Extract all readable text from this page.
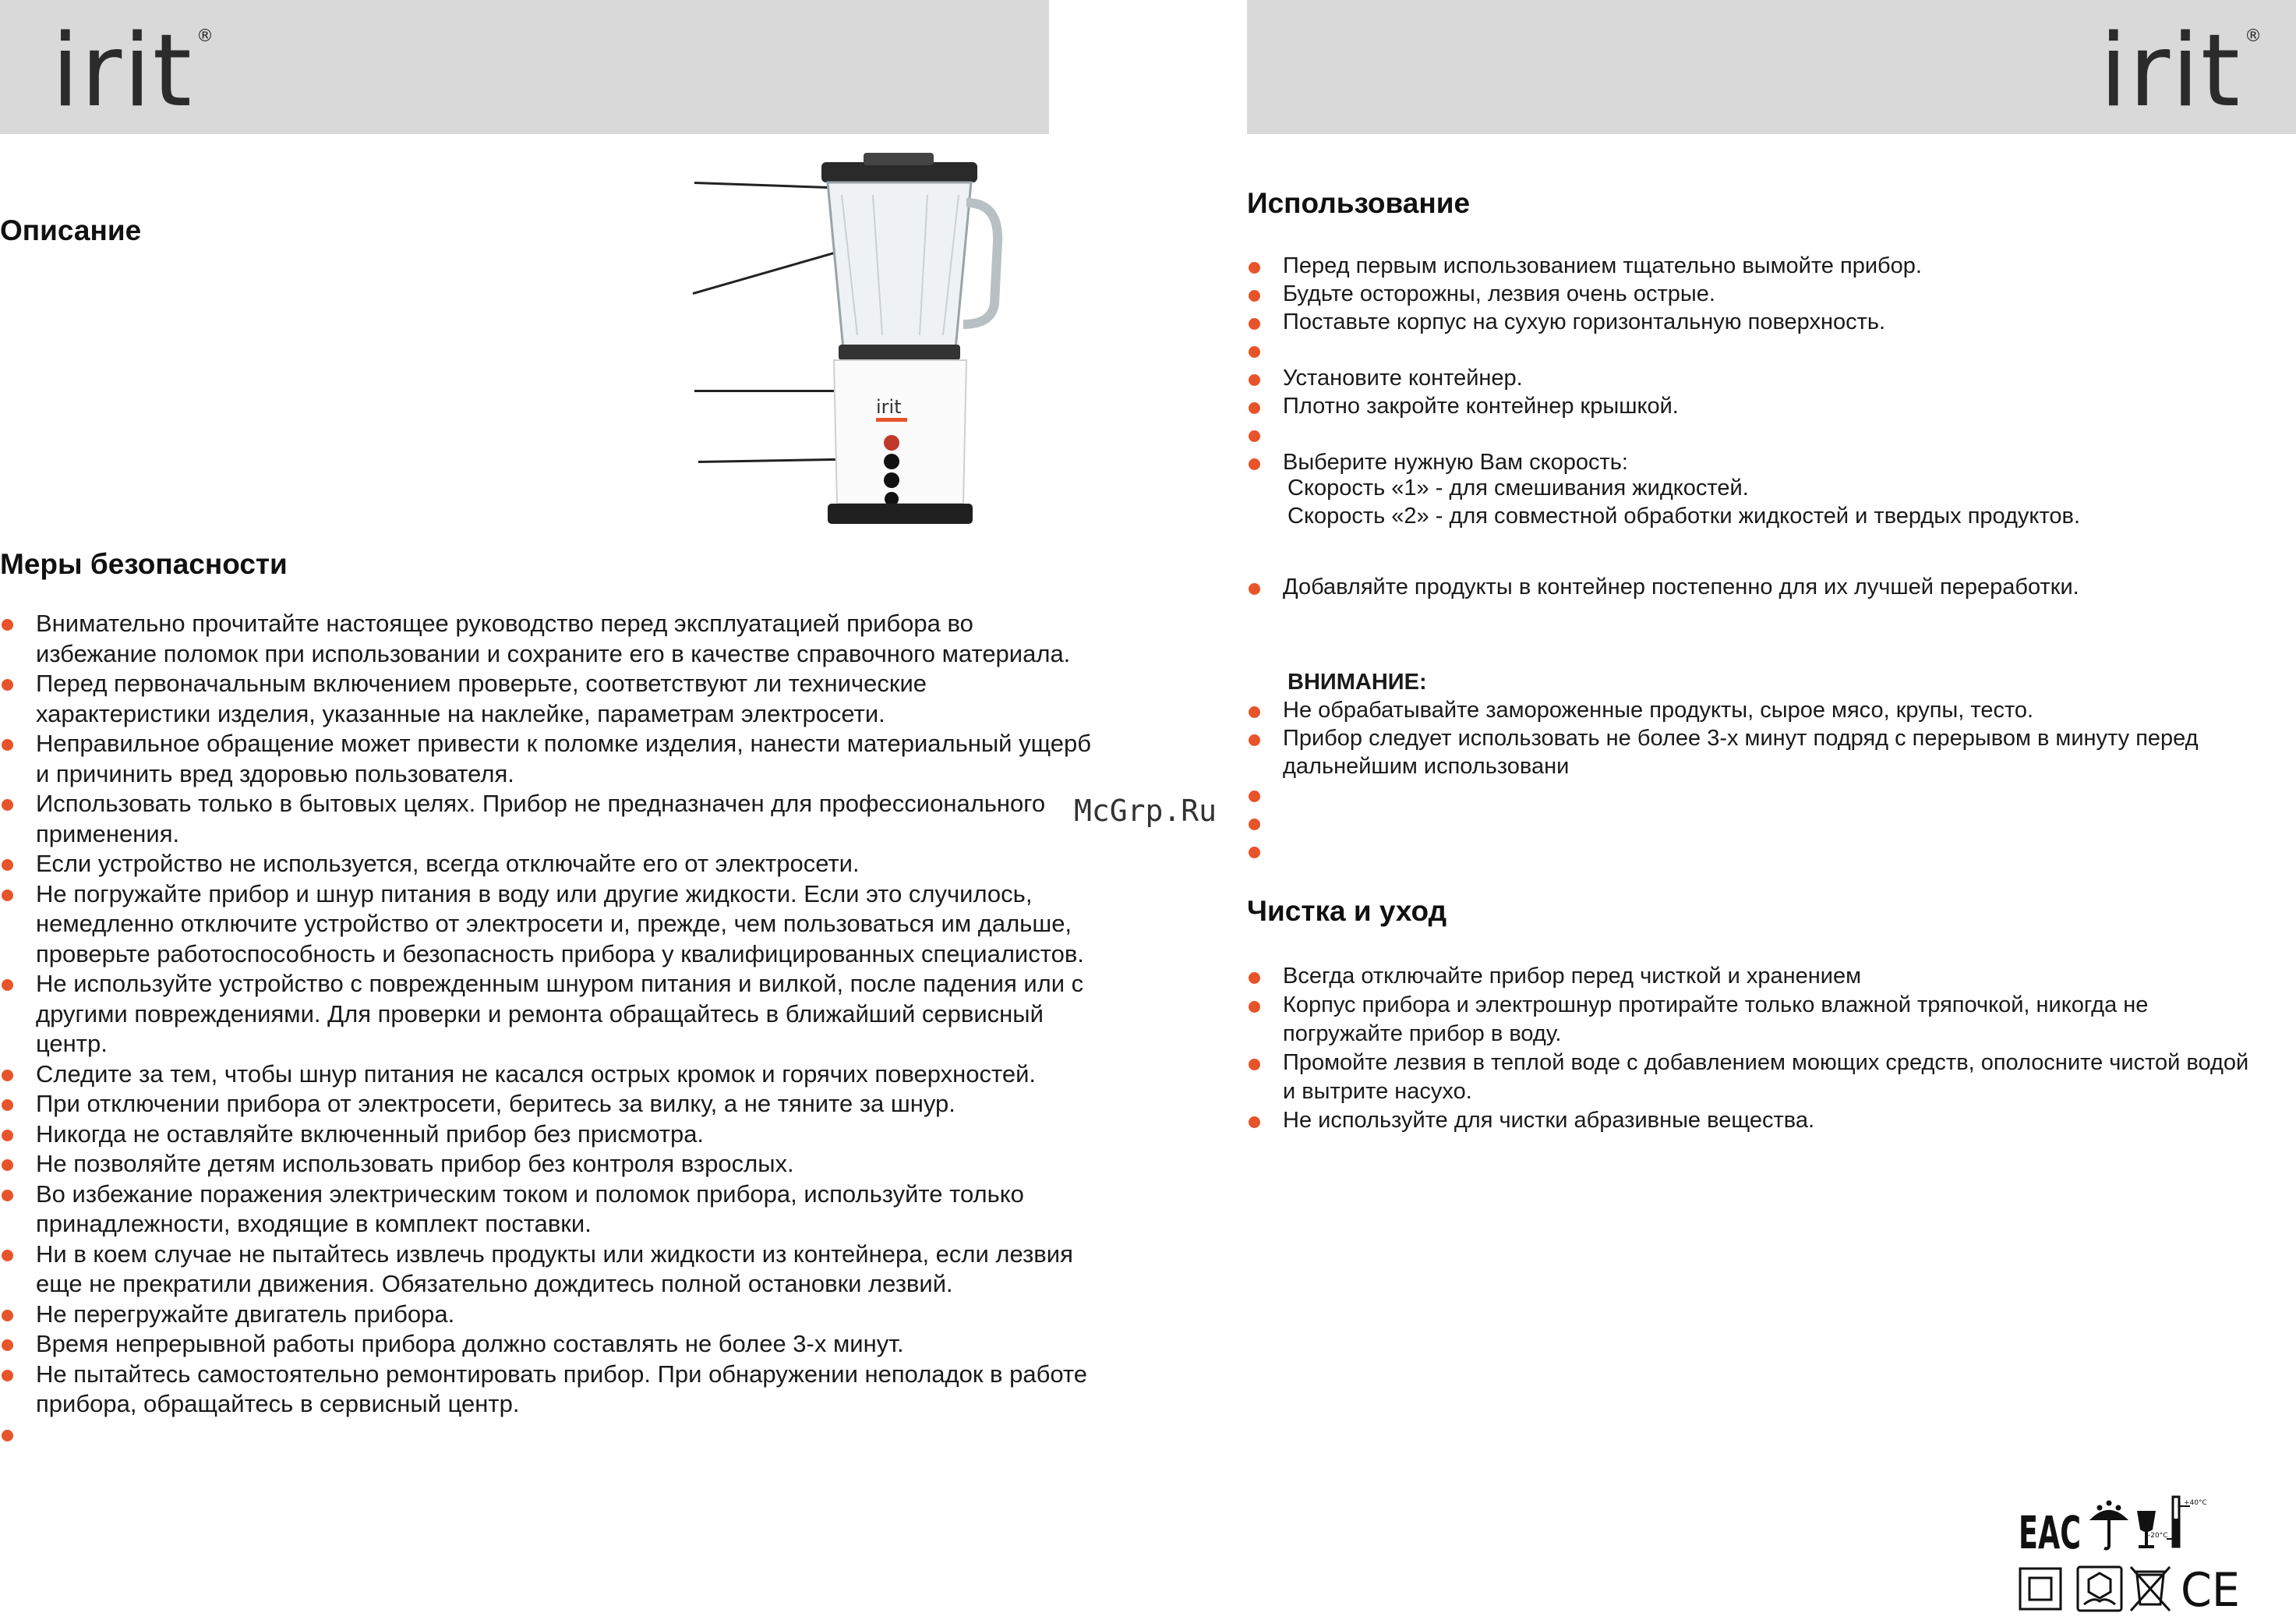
irit ®	irit ®
Описание
irit
Меры безопасности
Внимательно прочитайте настоящее руководство перед эксплуатацией прибора во избежание поломок при использовании и сохраните его в качестве справочного материала.
Перед первоначальным включением проверьте, соответствуют ли технические характеристики изделия, указанные на наклейке, параметрам электросети.
Неправильное обращение может привести к поломке изделия, нанести материальный ущерб и причинить вред здоровью пользователя.
Использовать только в бытовых целях. Прибор не предназначен для профессионального применения.
Если устройство не используется, всегда отключайте его от электросети.
Не погружайте прибор и шнур питания в воду или другие жидкости. Если это случилось, немедленно отключите устройство от электросети и, прежде, чем пользоваться им дальше, проверьте работоспособность и безопасность прибора у квалифицированных специалистов.
Не используйте устройство с поврежденным шнуром питания и вилкой, после падения или с другими повреждениями. Для проверки и ремонта обращайтесь в ближайший сервисный центр.
Следите за тем, чтобы шнур питания не касался острых кромок и горячих поверхностей.
При отключении прибора от электросети, беритесь за вилку, а не тяните за шнур.
Никогда не оставляйте включенный прибор без присмотра.
Не позволяйте детям использовать прибор без контроля взрослых.
Во избежание поражения электрическим током и поломок прибора, используйте только принадлежности, входящие в комплект поставки.
Ни в коем случае не пытайтесь извлечь продукты или жидкости из контейнера, если лезвия еще не прекратили движения. Обязательно дождитесь полной остановки лезвий.
Не перегружайте двигатель прибора.
Время непрерывной работы прибора должно составлять не более 3-х минут.
Не пытайтесь самостоятельно ремонтировать прибор. При обнаружении неполадок в работе прибора, обращайтесь в сервисный центр.
McGrp.Ru
Использование
Перед первым использованием тщательно вымойте прибор.
Будьте осторожны, лезвия очень острые.
Поставьте корпус на сухую горизонтальную поверхность.
Установите контейнер.
Плотно закройте контейнер крышкой.
Выберите нужную Вам скорость:
Скорость «1» - для смешивания жидкостей.
Скорость «2» - для совместной обработки жидкостей и твердых продуктов.
Добавляйте продукты в контейнер постепенно для их лучшей переработки.
ВНИМАНИЕ:
Не обрабатывайте замороженные продукты, сырое мясо, крупы, тесто.
Прибор следует использовать не более 3-х минут подряд с перерывом в минуту перед дальнейшим использовани
Чистка и уход
Всегда отключайте прибор перед чисткой и хранением
Корпус прибора и электрошнур протирайте только влажной тряпочкой, никогда не погружайте прибор в воду.
Промойте лезвия в теплой воде с добавлением моющих средств, ополосните чистой водой и вытрите насухо.
Не используйте для чистки абразивные вещества.
EAC
+40°C
-20°C
CE
